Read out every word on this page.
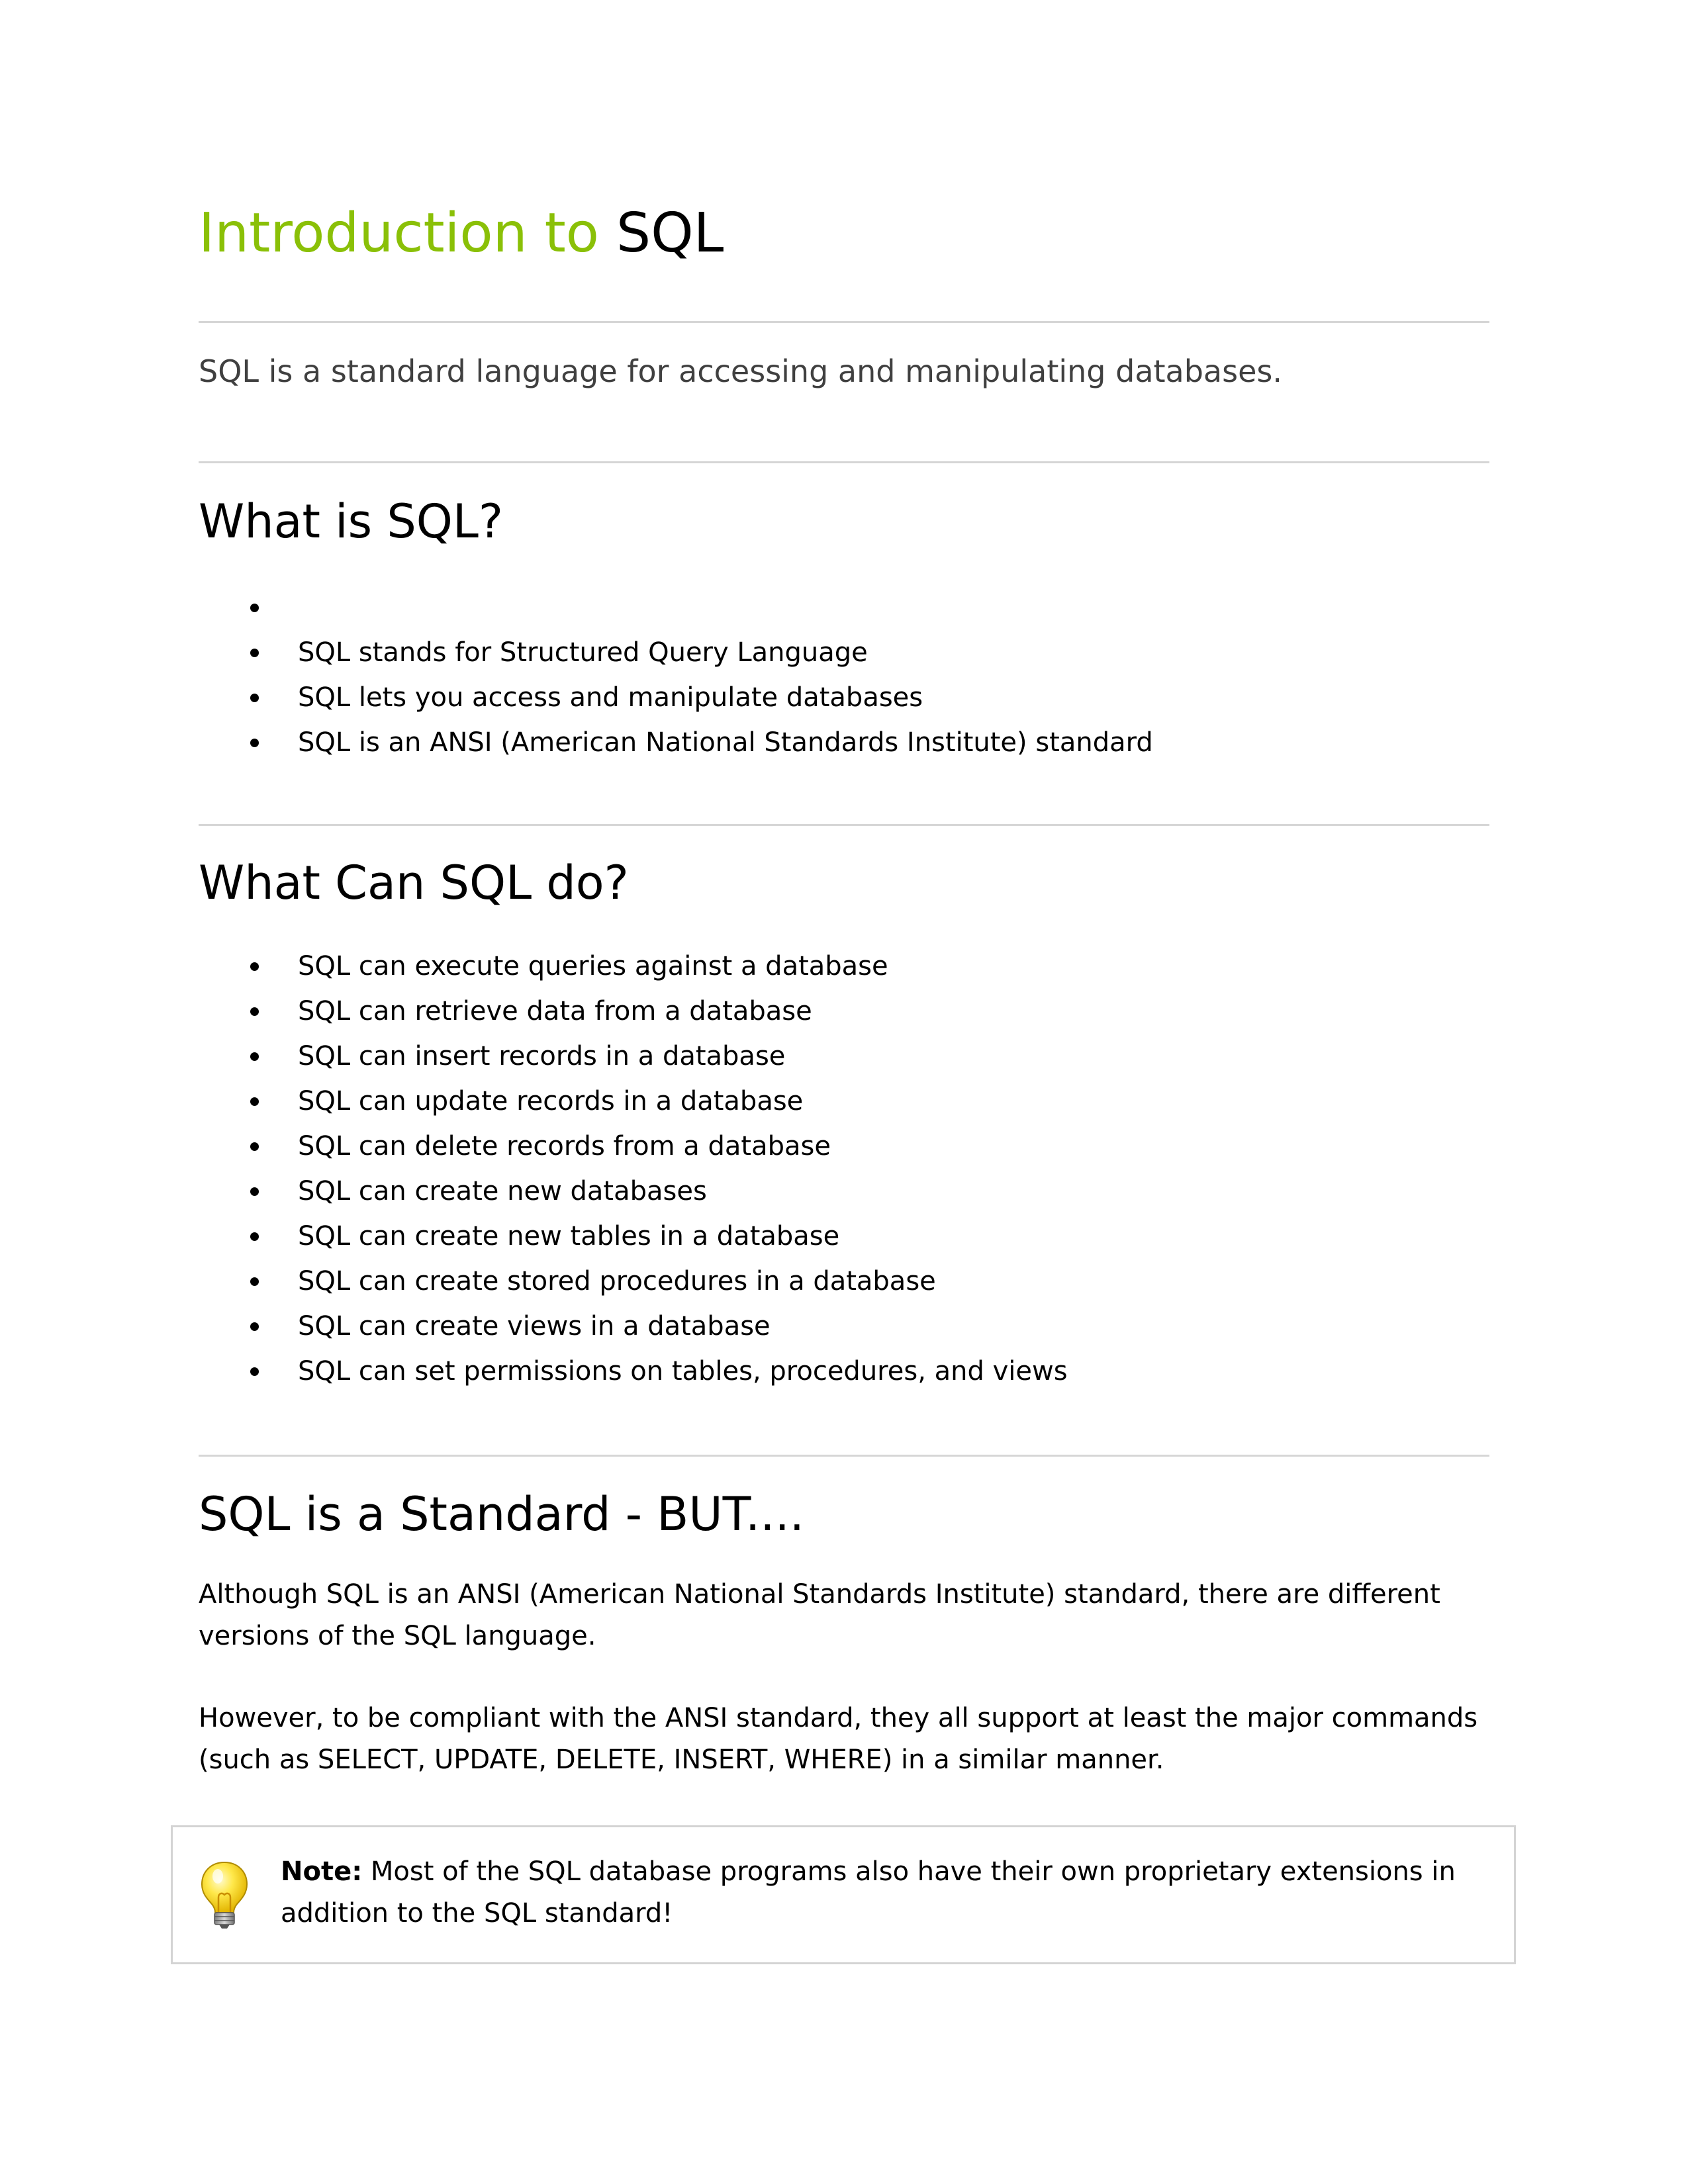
Introduction to SQL

SQL is a standard language for accessing and manipulating databases.

What is SQL?
SQL stands for Structured Query Language
SQL lets you access and manipulate databases
SQL is an ANSI (American National Standards Institute) standard
What Can SQL do?
SQL can execute queries against a database
SQL can retrieve data from a database
SQL can insert records in a database
SQL can update records in a database
SQL can delete records from a database
SQL can create new databases
SQL can create new tables in a database
SQL can create stored procedures in a database
SQL can create views in a database
SQL can set permissions on tables, procedures, and views
SQL is a Standard - BUT....

Although SQL is an ANSI (American National Standards Institute) standard, there are different versions of the SQL language.

However, to be compliant with the ANSI standard, they all support at least the major commands (such as SELECT, UPDATE, DELETE, INSERT, WHERE) in a similar manner.

Note: Most of the SQL database programs also have their own proprietary extensions in addition to the SQL standard!
